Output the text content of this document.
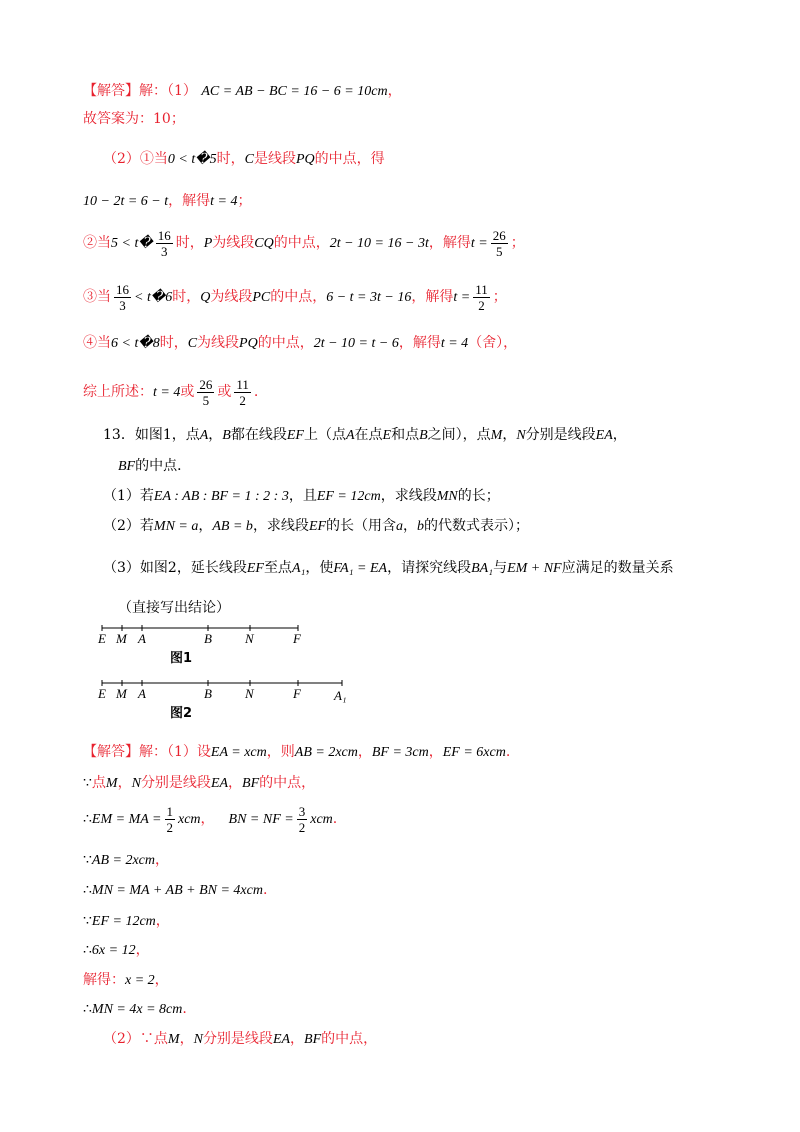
【解答】解：（1） AC = AB − BC = 16 − 6 = 10cm，
故答案为：10；
（2）①当0 < t�5时，C是线段PQ的中点，得
10 − 2t = 6 − t，解得t = 4；
②当5 < t� $\frac{16}{3}$ 时，P为线段CQ的中点，2t − 10 = 16 − 3t，解得$t = \frac{26}{5}$ ；
③当 $\frac{16}{3}$ < t�6时，Q为线段PC的中点，6 − t = 3t − 16，解得$t = \frac{11}{2}$ ；
④当6 < t�8时，C为线段PQ的中点，2t − 10 = t − 6，解得t = 4（舍），
综上所述：t = 4或 $\frac{26}{5}$ 或 $\frac{11}{2}$ .
13．如图1，点A，B都在线段EF上（点A在点E和点B之间），点M，N分别是线段EA，
BF的中点．
（1）若EA : AB : BF = 1 : 2 : 3，且EF = 12cm，求线段MN的长；
（2）若MN = a，AB = b，求线段EF的长（用含a，b的代数式表示）；
（3）如图2，延长线段EF至点A₁，使FA₁ = EA，请探究线段BA₁与EM + NF应满足的数量关系
（直接写出结论）
E M A	B	N	F
图1
E M A	B	N	F	A₁
图2
【解答】解：（1）设EA = xcm，则AB = 2xcm，BF = 3cm，EF = 6xcm.
∵点M，N分别是线段EA，BF的中点，
∴EM = MA = $\frac{1}{2}$ xcm， BN = NF = $\frac{3}{2}$ xcm.
∵AB = 2xcm，
∴MN = MA + AB + BN = 4xcm.
∵EF = 12cm，
∴6x = 12，
解得：x = 2，
∴MN = 4x = 8cm.
（2）∵点M，N分别是线段EA，BF的中点，
